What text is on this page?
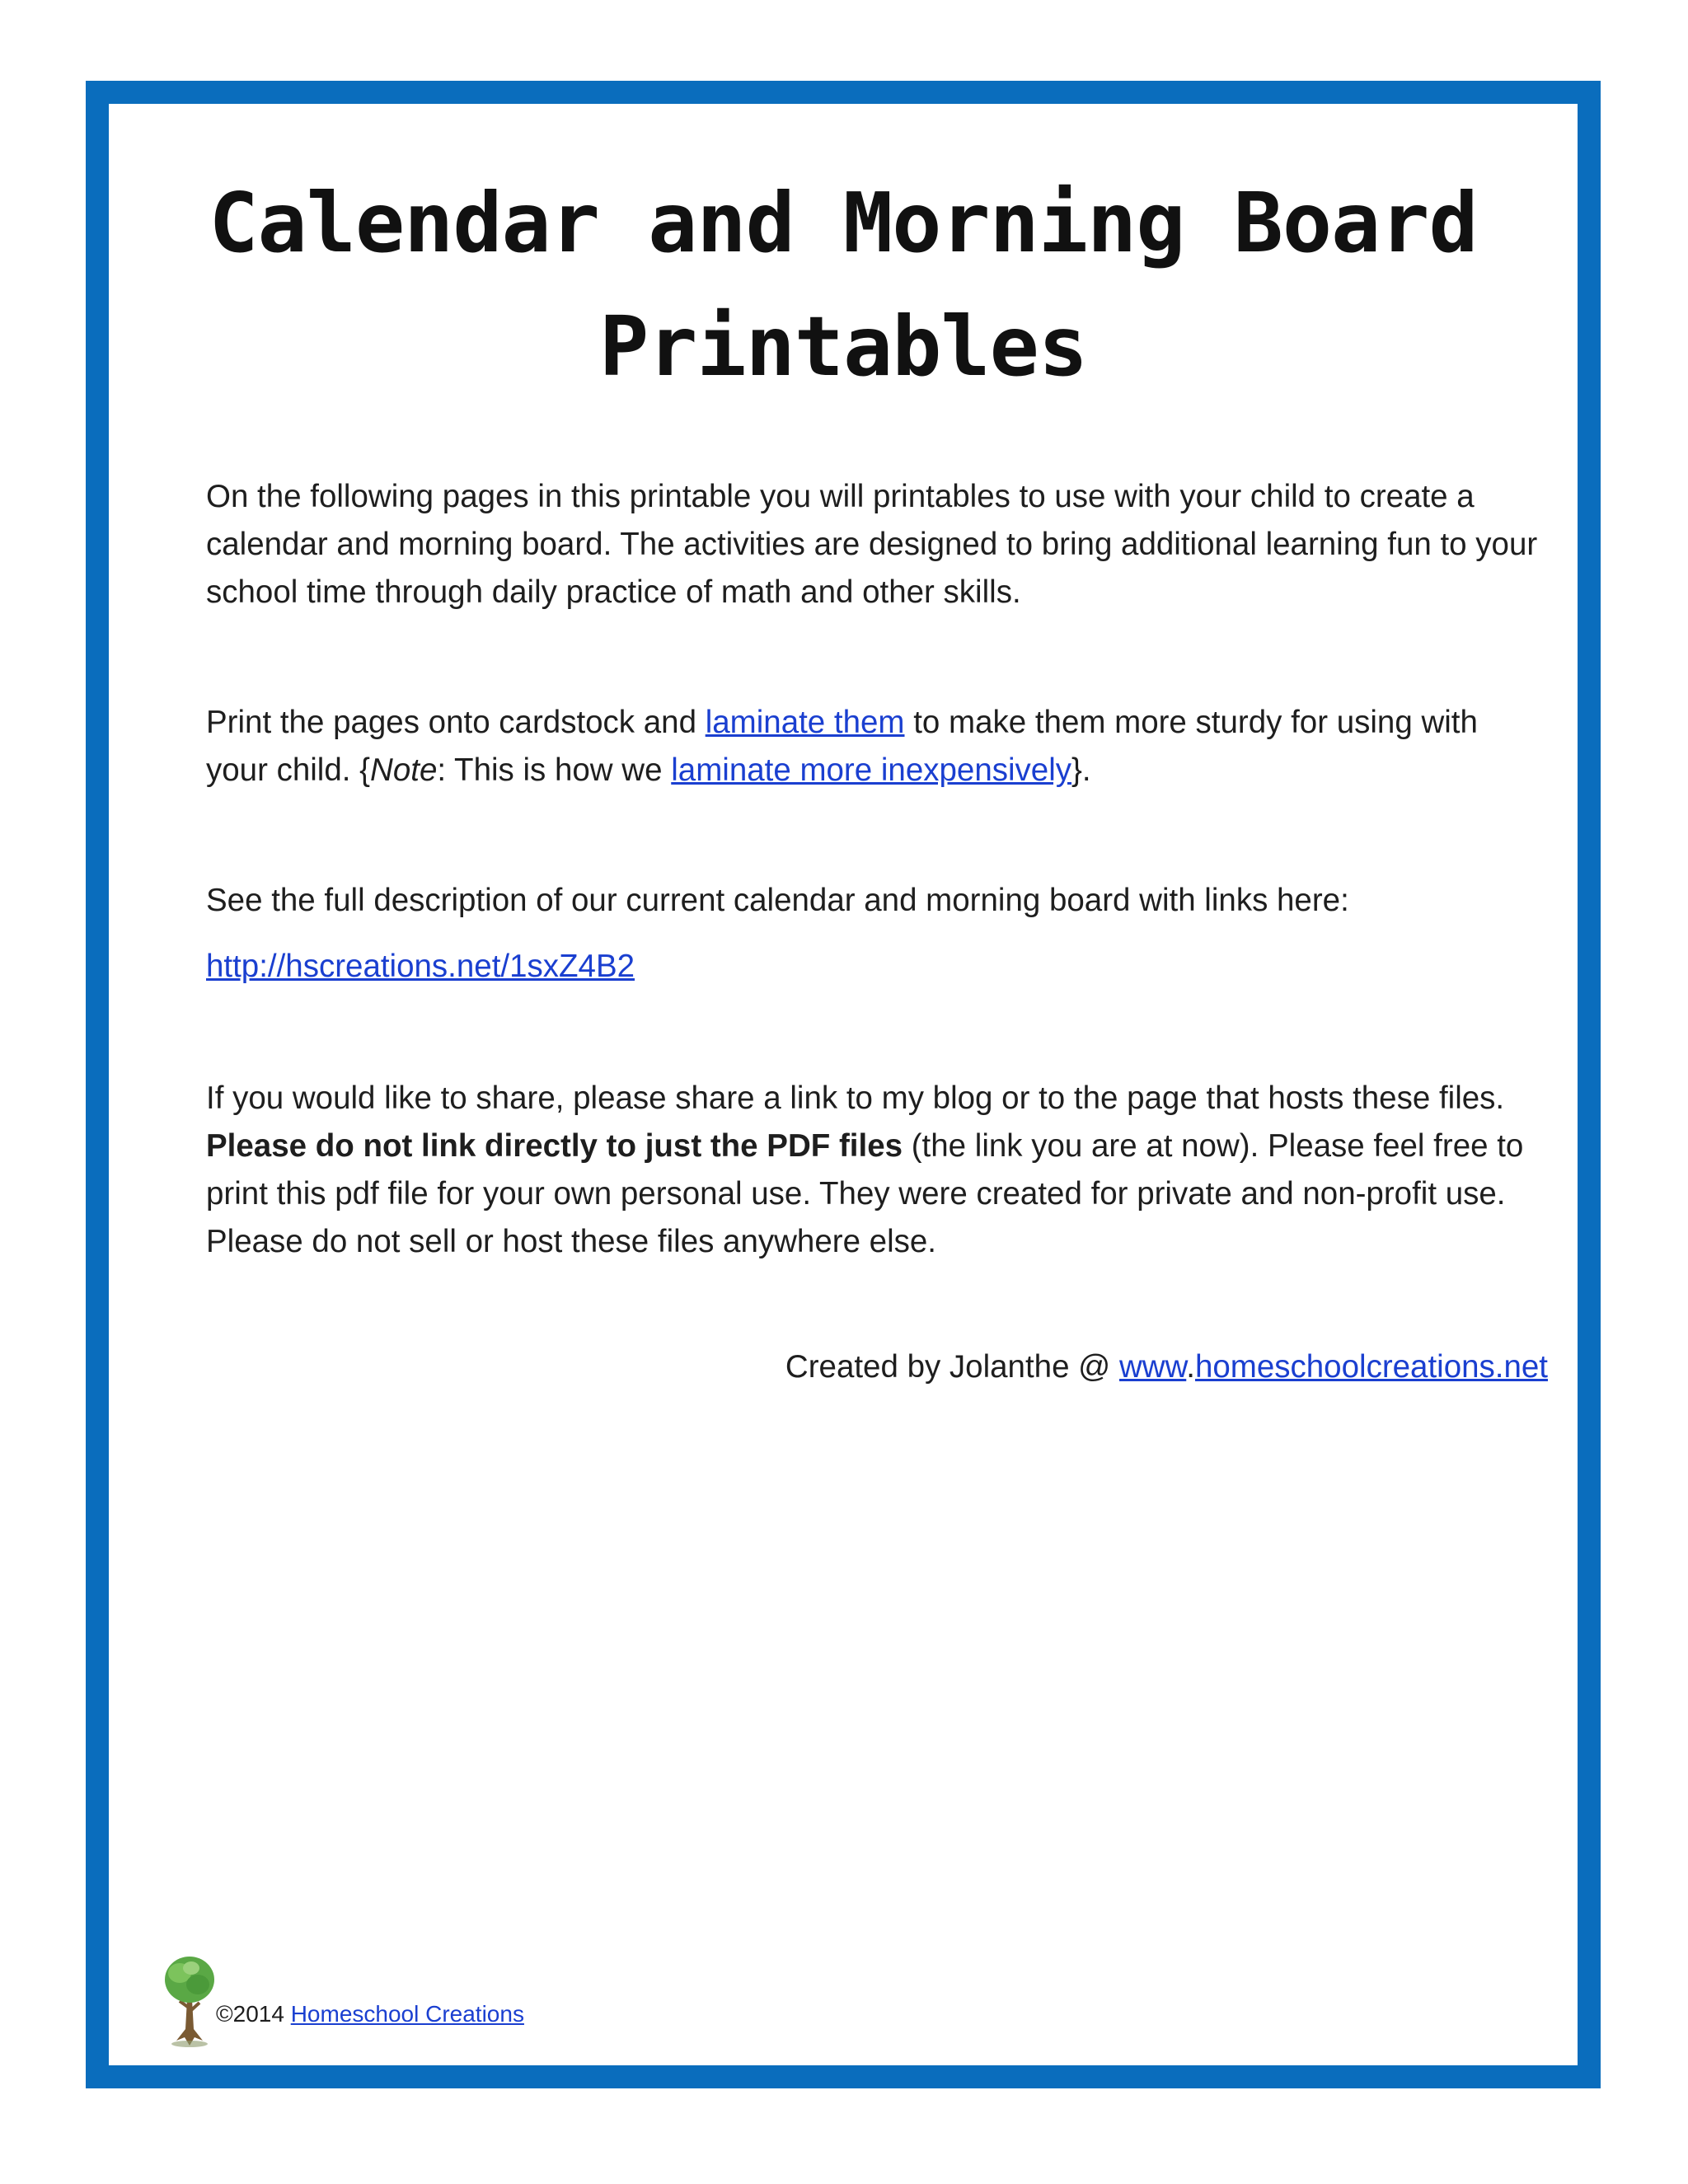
Calendar and Morning Board
Printables

On the following pages in this printable you will printables to use with your child to create a calendar and morning board. The activities are designed to bring additional learning fun to your school time through daily practice of math and other skills.

Print the pages onto cardstock and laminate them to make them more sturdy for using with your child. {Note: This is how we laminate more inexpensively}.

See the full description of our current calendar and morning board with links here:

http://hscreations.net/1sxZ4B2

If you would like to share, please share a link to my blog or to the page that hosts these files. Please do not link directly to just the PDF files (the link you are at now). Please feel free to print this pdf file for your own personal use. They were created for private and non-profit use. Please do not sell or host these files anywhere else.

Created by Jolanthe @ www.homeschoolcreations.net

©2014 Homeschool Creations
